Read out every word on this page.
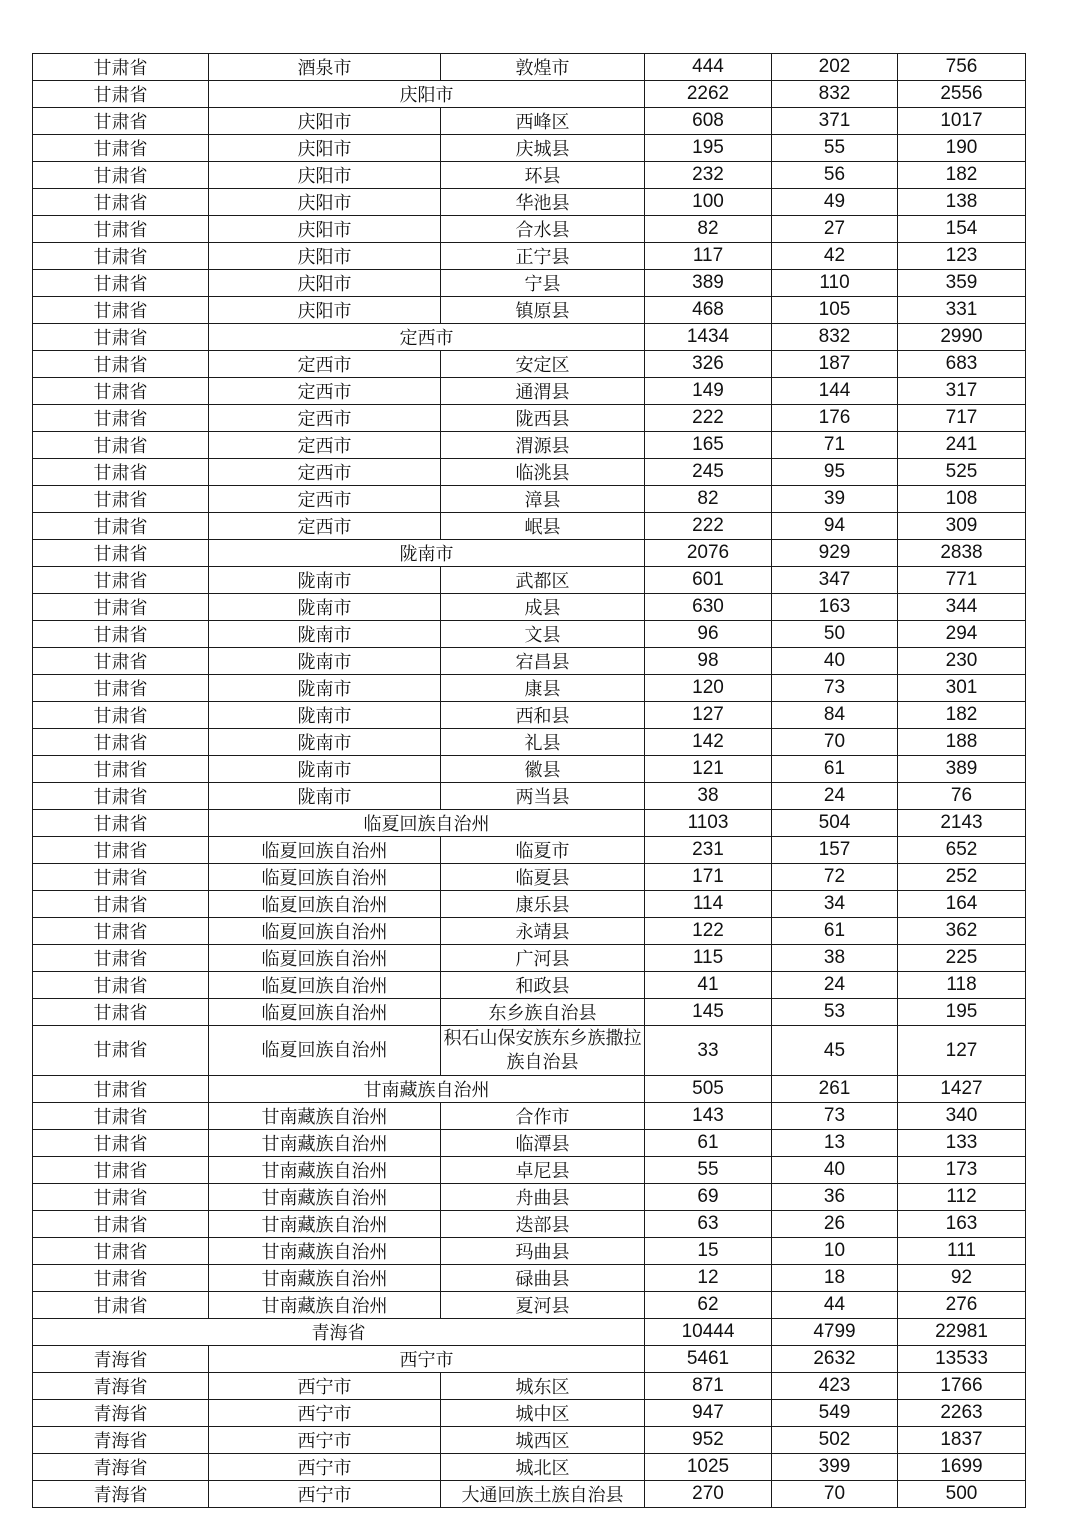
甘肃省	酒泉市	敦煌市	444	202	756
甘肃省	庆阳市		2262	832	2556
甘肃省	庆阳市	西峰区	608	371	1017
甘肃省	庆阳市	庆城县	195	55	190
甘肃省	庆阳市	环县	232	56	182
甘肃省	庆阳市	华池县	100	49	138
甘肃省	庆阳市	合水县	82	27	154
甘肃省	庆阳市	正宁县	117	42	123
甘肃省	庆阳市	宁县	389	110	359
甘肃省	庆阳市	镇原县	468	105	331
甘肃省	定西市		1434	832	2990
甘肃省	定西市	安定区	326	187	683
甘肃省	定西市	通渭县	149	144	317
甘肃省	定西市	陇西县	222	176	717
甘肃省	定西市	渭源县	165	71	241
甘肃省	定西市	临洮县	245	95	525
甘肃省	定西市	漳县	82	39	108
甘肃省	定西市	岷县	222	94	309
甘肃省	陇南市		2076	929	2838
甘肃省	陇南市	武都区	601	347	771
甘肃省	陇南市	成县	630	163	344
甘肃省	陇南市	文县	96	50	294
甘肃省	陇南市	宕昌县	98	40	230
甘肃省	陇南市	康县	120	73	301
甘肃省	陇南市	西和县	127	84	182
甘肃省	陇南市	礼县	142	70	188
甘肃省	陇南市	徽县	121	61	389
甘肃省	陇南市	两当县	38	24	76
甘肃省	临夏回族自治州		1103	504	2143
甘肃省	临夏回族自治州	临夏市	231	157	652
甘肃省	临夏回族自治州	临夏县	171	72	252
甘肃省	临夏回族自治州	康乐县	114	34	164
甘肃省	临夏回族自治州	永靖县	122	61	362
甘肃省	临夏回族自治州	广河县	115	38	225
甘肃省	临夏回族自治州	和政县	41	24	118
甘肃省	临夏回族自治州	东乡族自治县	145	53	195
甘肃省	临夏回族自治州	积石山保安族东乡族撒拉族自治县	33	45	127
甘肃省	甘南藏族自治州		505	261	1427
甘肃省	甘南藏族自治州	合作市	143	73	340
甘肃省	甘南藏族自治州	临潭县	61	13	133
甘肃省	甘南藏族自治州	卓尼县	55	40	173
甘肃省	甘南藏族自治州	舟曲县	69	36	112
甘肃省	甘南藏族自治州	迭部县	63	26	163
甘肃省	甘南藏族自治州	玛曲县	15	10	111
甘肃省	甘南藏族自治州	碌曲县	12	18	92
甘肃省	甘南藏族自治州	夏河县	62	44	276
青海省			10444	4799	22981
青海省	西宁市		5461	2632	13533
青海省	西宁市	城东区	871	423	1766
青海省	西宁市	城中区	947	549	2263
青海省	西宁市	城西区	952	502	1837
青海省	西宁市	城北区	1025	399	1699
青海省	西宁市	大通回族土族自治县	270	70	500
